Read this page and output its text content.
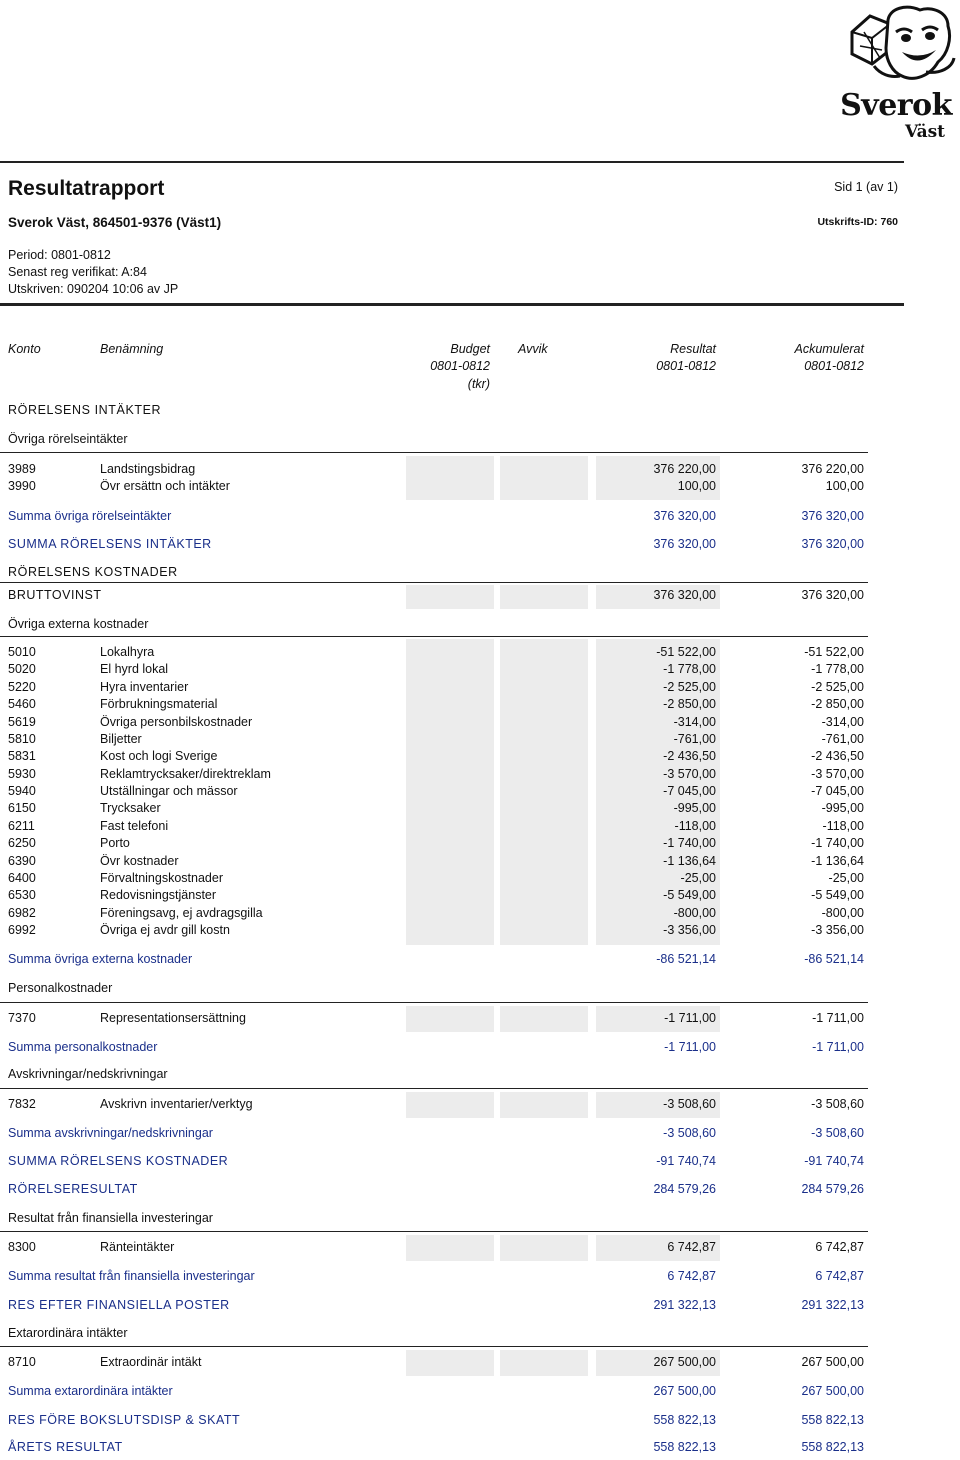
Sverok
Väst
Resultatrapport
Sverok Väst, 864501-9376 (Väst1)
Sid 1 (av 1)
Utskrifts-ID: 760
Period: 0801-0812
Senast reg verifikat: A:84
Utskriven: 090204 10:06 av JP
Konto	Benämning	Budget
0801-0812
(tkr)
Avvik	Resultat
0801-0812
Ackumulerat
0801-0812
RÖRELSENS INTÄKTER
Övriga rörelseintäkter
3989	Landstingsbidrag	376 220,00	376 220,00
3990	Övr ersättn och intäkter	100,00	100,00
Summa övriga rörelseintäkter	376 320,00	376 320,00
SUMMA RÖRELSENS INTÄKTER	376 320,00	376 320,00
RÖRELSENS KOSTNADER
BRUTTOVINST	376 320,00	376 320,00
Övriga externa kostnader
5010	Lokalhyra	-51 522,00	-51 522,00
5020	El hyrd lokal	-1 778,00	-1 778,00
5220	Hyra inventarier	-2 525,00	-2 525,00
5460	Förbrukningsmaterial	-2 850,00	-2 850,00
5619	Övriga personbilskostnader	-314,00	-314,00
5810	Biljetter	-761,00	-761,00
5831	Kost och logi Sverige	-2 436,50	-2 436,50
5930	Reklamtrycksaker/direktreklam	-3 570,00	-3 570,00
5940	Utställningar och mässor	-7 045,00	-7 045,00
6150	Trycksaker	-995,00	-995,00
6211	Fast telefoni	-118,00	-118,00
6250	Porto	-1 740,00	-1 740,00
6390	Övr kostnader	-1 136,64	-1 136,64
6400	Förvaltningskostnader	-25,00	-25,00
6530	Redovisningstjänster	-5 549,00	-5 549,00
6982	Föreningsavg, ej avdragsgilla	-800,00	-800,00
6992	Övriga ej avdr gill kostn	-3 356,00	-3 356,00
Summa övriga externa kostnader	-86 521,14	-86 521,14
Personalkostnader
7370	Representationsersättning	-1 711,00	-1 711,00
Summa personalkostnader	-1 711,00	-1 711,00
Avskrivningar/nedskrivningar
7832	Avskrivn inventarier/verktyg	-3 508,60	-3 508,60
Summa avskrivningar/nedskrivningar	-3 508,60	-3 508,60
SUMMA RÖRELSENS KOSTNADER	-91 740,74	-91 740,74
RÖRELSERESULTAT	284 579,26	284 579,26
Resultat från finansiella investeringar
8300	Ränteintäkter	6 742,87	6 742,87
Summa resultat från finansiella investeringar	6 742,87	6 742,87
RES EFTER FINANSIELLA POSTER	291 322,13	291 322,13
Extarordinära intäkter
8710	Extraordinär intäkt	267 500,00	267 500,00
Summa extarordinära intäkter	267 500,00	267 500,00
RES FÖRE BOKSLUTSDISP & SKATT	558 822,13	558 822,13
ÅRETS RESULTAT	558 822,13	558 822,13
